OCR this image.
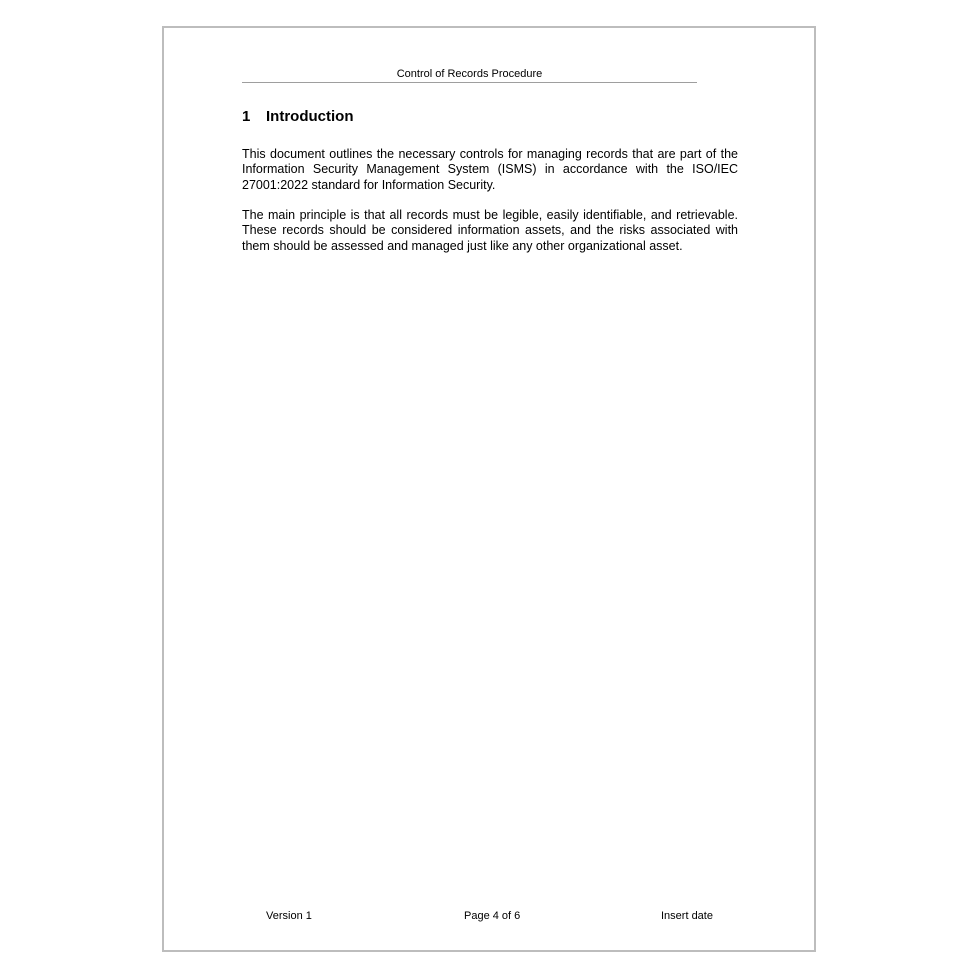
Control of Records Procedure
1 Introduction

This document outlines the necessary controls for managing records that are part of the Information Security Management System (ISMS) in accordance with the ISO/IEC 27001:2022 standard for Information Security.

The main principle is that all records must be legible, easily identifiable, and retrievable. These records should be considered information assets, and the risks associated with them should be assessed and managed just like any other organizational asset.

Version 1	Page 4 of 6	Insert date
